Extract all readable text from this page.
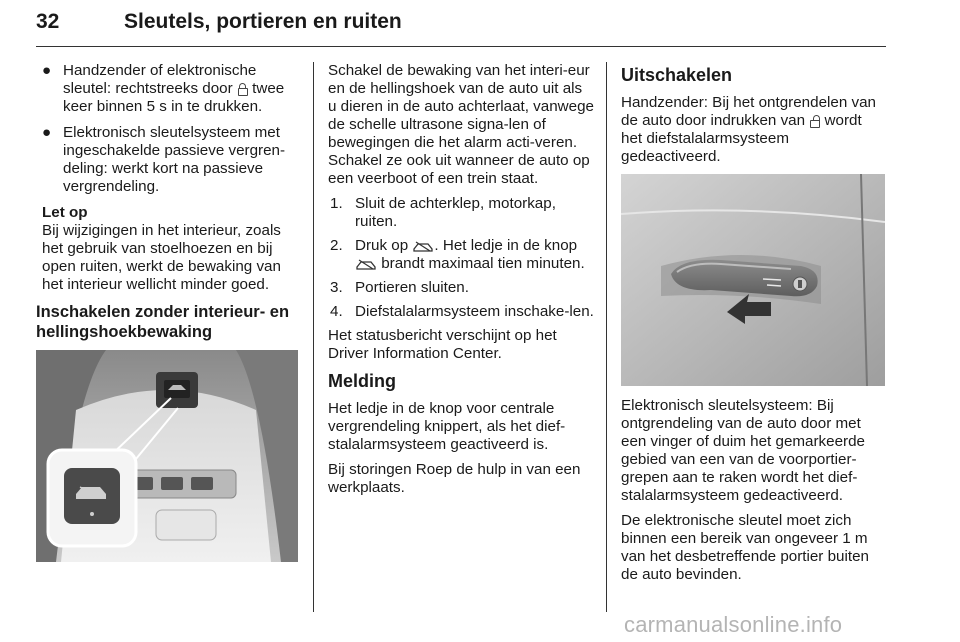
32	Sleutels, portieren en ruiten
● Handzender of elektronische sleutel: rechtstreeks door twee keer binnen 5 s in te drukken.
● Elektronisch sleutelsysteem met ingeschakelde passieve vergren-deling: werkt kort na passieve vergrendeling.
Let op
Bij wijzigingen in het interieur, zoals het gebruik van stoelhoezen en bij open ruiten, werkt de bewaking van het interieur wellicht minder goed.
Inschakelen zonder interieur- en hellingshoekbewaking

Schakel de bewaking van het interi-eur en de hellingshoek van de auto uit als u dieren in de auto achterlaat, vanwege de schelle ultrasone signa-len of bewegingen die het alarm acti-veren. Schakel ze ook uit wanneer de auto op een veerboot of een trein staat.

1. Sluit de achterklep, motorkap, ruiten.
2. Druk op . Het ledje in de knop
brandt maximaal tien minuten.
3. Portieren sluiten.
4. Diefstalalarmsysteem inschake-len.

Het statusbericht verschijnt op het Driver Information Center.

Melding

Het ledje in de knop voor centrale vergrendeling knippert, als het dief-stalalarmsysteem geactiveerd is.

Bij storingen Roep de hulp in van een werkplaats.

Uitschakelen

Handzender: Bij het ontgrendelen van de auto door indrukken van wordt het diefstalalarmsysteem gedeactiveerd.

Elektronisch sleutelsysteem: Bij ontgrendeling van de auto door met een vinger of duim het gemarkeerde gebied van een van de voorportier-grepen aan te raken wordt het dief-stalalarmsysteem gedeactiveerd.

De elektronische sleutel moet zich binnen een bereik van ongeveer 1 m van het desbetreffende portier buiten de auto bevinden.

carmanualsonline.info
